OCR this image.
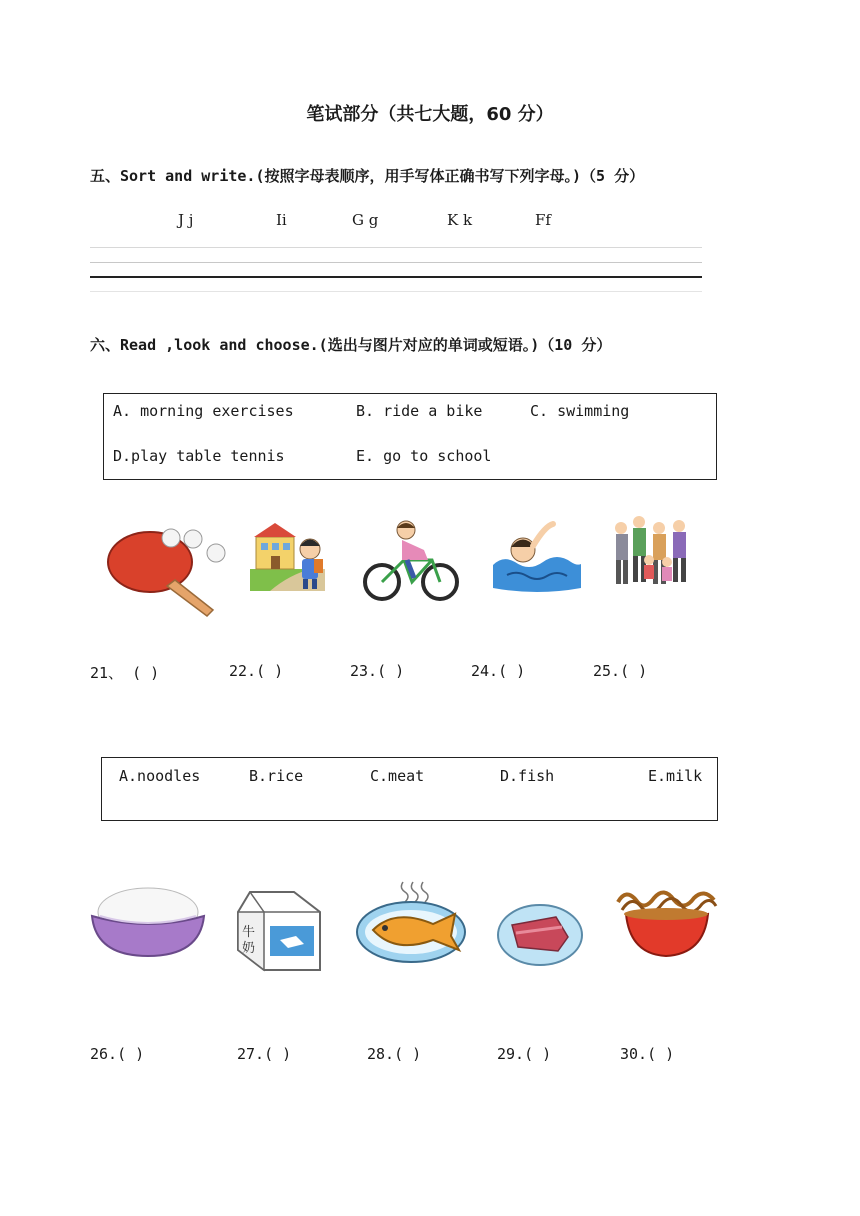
笔试部分（共七大题，60 分）
五、Sort and write.(按照字母表顺序，用手写体正确书写下列字母。)（5 分）
J j	Ii	G g	K k	Ff
六、Read ,look and choose.(选出与图片对应的单词或短语。)（10 分）
A. morning exercises	B. ride a bike	C. swimming
D.play table tennis	E. go to school
21、 ( )	22.( )	23.( )	24.( )	25.( )
A.noodles	B.rice	C.meat	D.fish	E.milk
牛
奶
26.( )	27.( )	28.( )	29.( )	30.( )
